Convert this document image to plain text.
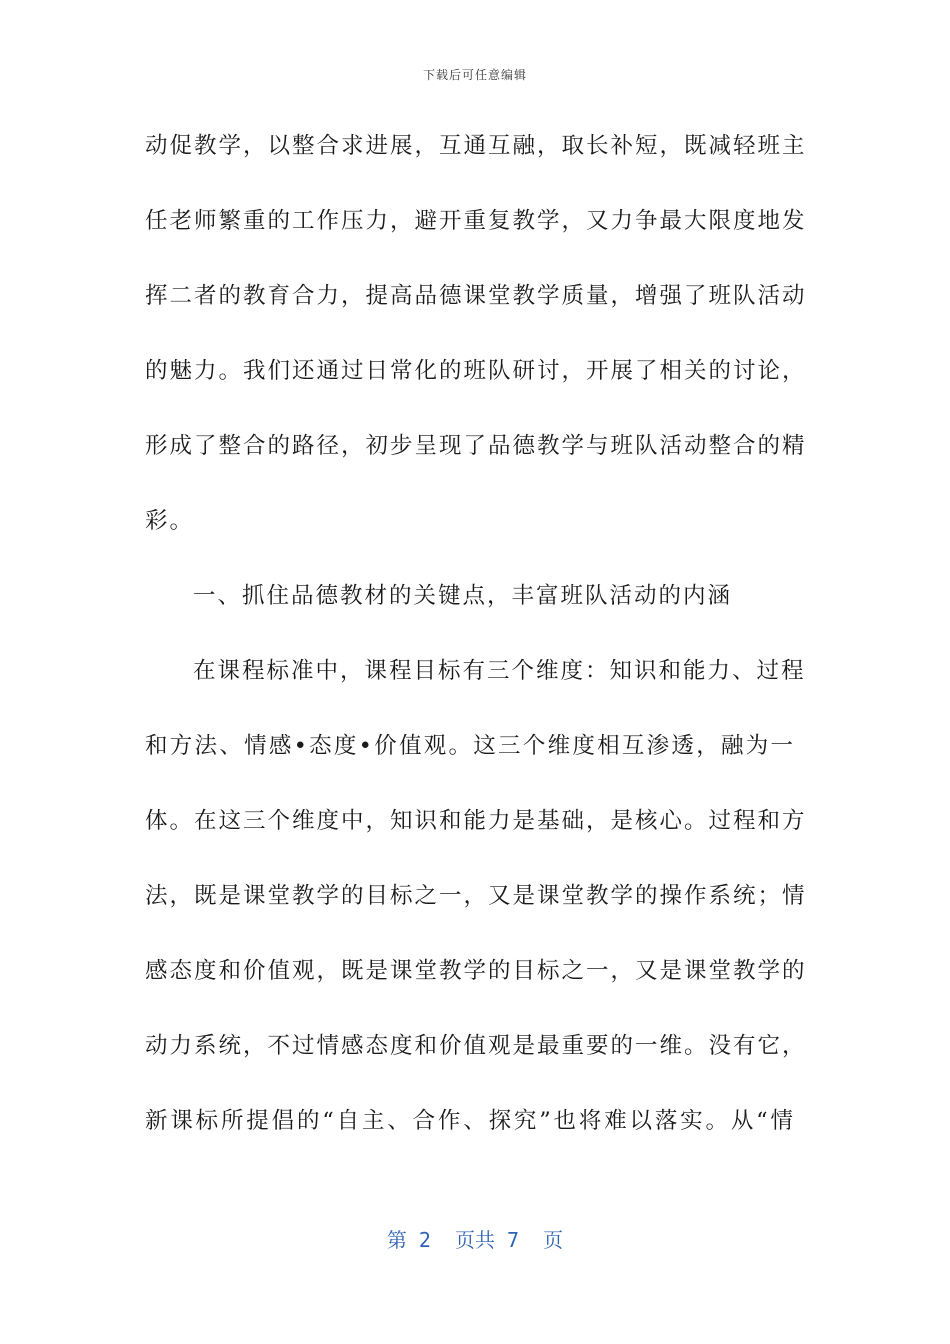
下载后可任意编辑
动促教学，以整合求进展，互通互融，取长补短，既减轻班主
任老师繁重的工作压力，避开重复教学，又力争最大限度地发
挥二者的教育合力，提高品德课堂教学质量，增强了班队活动
的魅力。我们还通过日常化的班队研讨，开展了相关的讨论，
形成了整合的路径，初步呈现了品德教学与班队活动整合的精
彩。
一、抓住品德教材的关键点，丰富班队活动的内涵
在课程标准中，课程目标有三个维度：知识和能力、过程
和方法、情感•态度•价值观。这三个维度相互渗透，融为一
体。在这三个维度中，知识和能力是基础，是核心。过程和方
法，既是课堂教学的目标之一，又是课堂教学的操作系统；情
感态度和价值观，既是课堂教学的目标之一，又是课堂教学的
动力系统，不过情感态度和价值观是最重要的一维。没有它，
新课标所提倡的“自主、合作、探究”也将难以落实。从“情
第 2  页共 7  页
